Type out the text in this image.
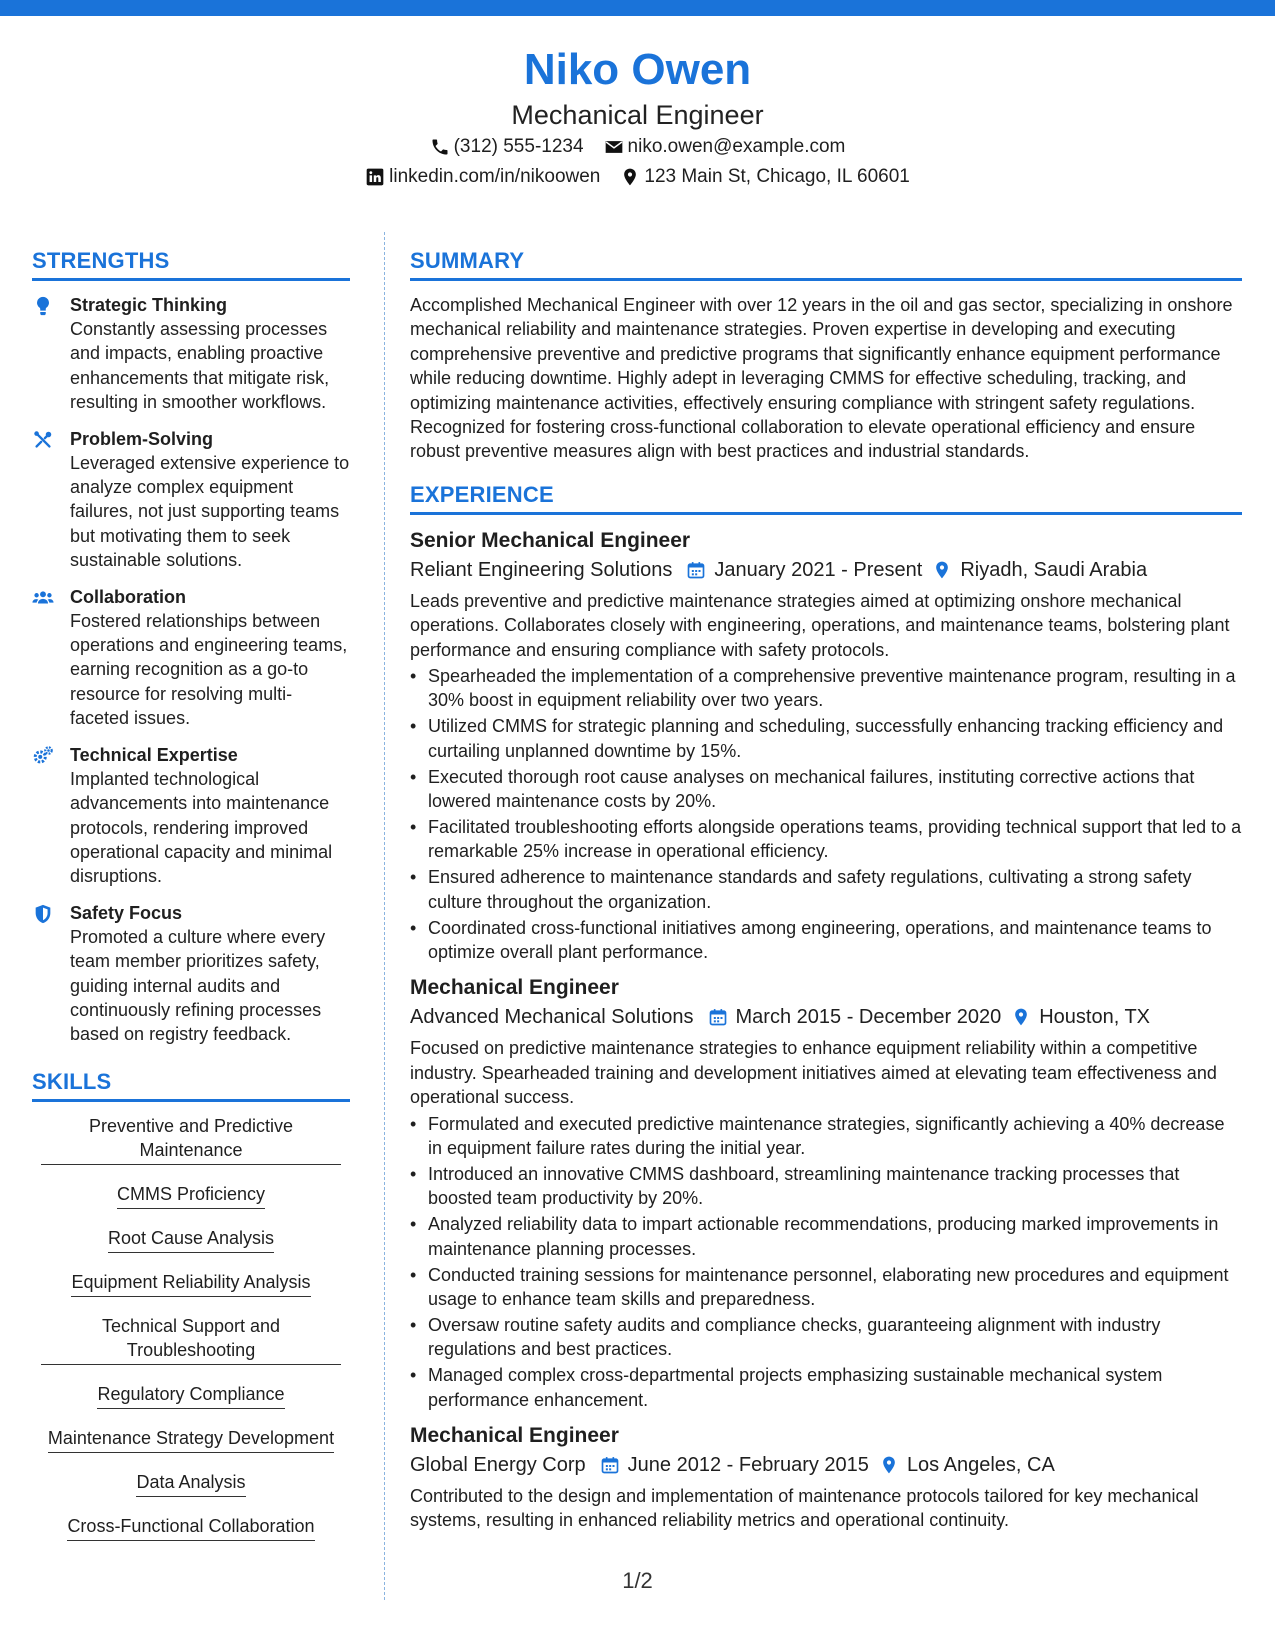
Niko Owen
Mechanical Engineer
(312) 555-1234 niko.owen@example.com
linkedin.com/in/nikoowen 123 Main St, Chicago, IL 60601
STRENGTHS
Strategic Thinking
Constantly assessing processes and impacts, enabling proactive enhancements that mitigate risk, resulting in smoother workflows.
Problem-Solving
Leveraged extensive experience to analyze complex equipment failures, not just supporting teams but motivating them to seek sustainable solutions.
Collaboration
Fostered relationships between operations and engineering teams, earning recognition as a go-to resource for resolving multi-faceted issues.
Technical Expertise
Implanted technological advancements into maintenance protocols, rendering improved operational capacity and minimal disruptions.
Safety Focus
Promoted a culture where every team member prioritizes safety, guiding internal audits and continuously refining processes based on registry feedback.
SKILLS
Preventive and Predictive Maintenance
CMMS Proficiency
Root Cause Analysis
Equipment Reliability Analysis
Technical Support and Troubleshooting
Regulatory Compliance
Maintenance Strategy Development
Data Analysis
Cross-Functional Collaboration
SUMMARY

Accomplished Mechanical Engineer with over 12 years in the oil and gas sector, specializing in onshore mechanical reliability and maintenance strategies. Proven expertise in developing and executing comprehensive preventive and predictive programs that significantly enhance equipment performance while reducing downtime. Highly adept in leveraging CMMS for effective scheduling, tracking, and optimizing maintenance activities, effectively ensuring compliance with stringent safety regulations. Recognized for fostering cross-functional collaboration to elevate operational efficiency and ensure robust preventive measures align with best practices and industrial standards.

EXPERIENCE
Senior Mechanical Engineer
Reliant Engineering Solutions January 2021 - Present Riyadh, Saudi Arabia
Leads preventive and predictive maintenance strategies aimed at optimizing onshore mechanical operations. Collaborates closely with engineering, operations, and maintenance teams, bolstering plant performance and ensuring compliance with safety protocols.
• Spearheaded the implementation of a comprehensive preventive maintenance program, resulting in a 30% boost in equipment reliability over two years.
• Utilized CMMS for strategic planning and scheduling, successfully enhancing tracking efficiency and curtailing unplanned downtime by 15%.
• Executed thorough root cause analyses on mechanical failures, instituting corrective actions that lowered maintenance costs by 20%.
• Facilitated troubleshooting efforts alongside operations teams, providing technical support that led to a remarkable 25% increase in operational efficiency.
• Ensured adherence to maintenance standards and safety regulations, cultivating a strong safety culture throughout the organization.
• Coordinated cross-functional initiatives among engineering, operations, and maintenance teams to optimize overall plant performance.
Mechanical Engineer
Advanced Mechanical Solutions March 2015 - December 2020 Houston, TX
Focused on predictive maintenance strategies to enhance equipment reliability within a competitive industry. Spearheaded training and development initiatives aimed at elevating team effectiveness and operational success.
• Formulated and executed predictive maintenance strategies, significantly achieving a 40% decrease in equipment failure rates during the initial year.
• Introduced an innovative CMMS dashboard, streamlining maintenance tracking processes that boosted team productivity by 20%.
• Analyzed reliability data to impart actionable recommendations, producing marked improvements in maintenance planning processes.
• Conducted training sessions for maintenance personnel, elaborating new procedures and equipment usage to enhance team skills and preparedness.
• Oversaw routine safety audits and compliance checks, guaranteeing alignment with industry regulations and best practices.
• Managed complex cross-departmental projects emphasizing sustainable mechanical system performance enhancement.
Mechanical Engineer
Global Energy Corp June 2012 - February 2015 Los Angeles, CA
Contributed to the design and implementation of maintenance protocols tailored for key mechanical systems, resulting in enhanced reliability metrics and operational continuity.
1/2
